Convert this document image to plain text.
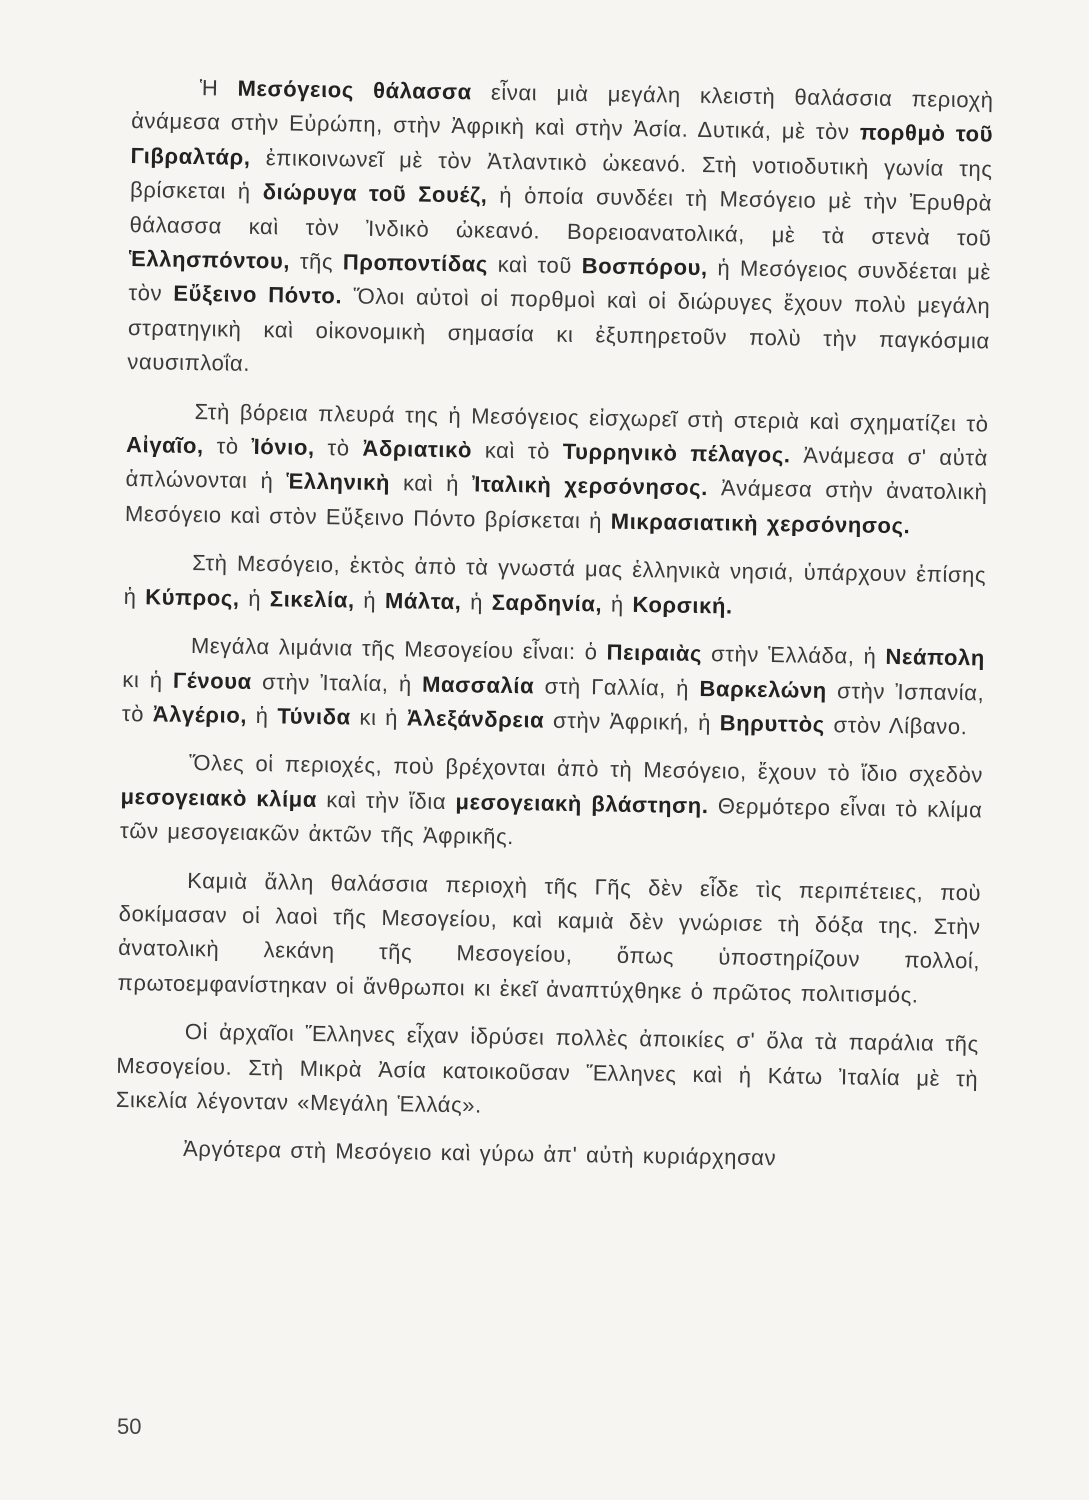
Ἡ Μεσόγειος θάλασσα εἶναι μιὰ μεγάλη κλειστὴ θαλάσσια περιοχὴ ἀνάμεσα στὴν Εὐρώπη, στὴν Ἀφρικὴ καὶ στὴν Ἀσία. Δυτικά, μὲ τὸν πορθμὸ τοῦ Γιβραλτάρ, ἐπικοινωνεῖ μὲ τὸν Ἀτλαντικὸ ὠκεανό. Στὴ νοτιοδυτικὴ γωνία της βρίσκεται ἡ διώρυγα τοῦ Σουέζ, ἡ ὁποία συνδέει τὴ Μεσόγειο μὲ τὴν Ἐρυθρὰ θάλασσα καὶ τὸν Ἰνδικὸ ὠκεανό. Βορειοανατολικά, μὲ τὰ στενὰ τοῦ Ἑλλησπόντου, τῆς Προποντίδας καὶ τοῦ Βοσπόρου, ἡ Μεσόγειος συνδέεται μὲ τὸν Εὔξεινο Πόντο. Ὅλοι αὐτοὶ οἱ πορθμοὶ καὶ οἱ διώρυγες ἔχουν πολὺ μεγάλη στρατηγικὴ καὶ οἰκονομικὴ σημασία κι ἐξυπηρετοῦν πολὺ τὴν παγκόσμια ναυσιπλοΐα.

Στὴ βόρεια πλευρά της ἡ Μεσόγειος εἰσχωρεῖ στὴ στεριὰ καὶ σχηματίζει τὸ Αἰγαῖο, τὸ Ἰόνιο, τὸ Ἀδριατικὸ καὶ τὸ Τυρρηνικὸ πέλαγος. Ἀνάμεσα σ' αὐτὰ ἁπλώνονται ἡ Ἑλληνικὴ καὶ ἡ Ἰταλικὴ χερσόνησος. Ἀνάμεσα στὴν ἀνατολικὴ Μεσόγειο καὶ στὸν Εὔξεινο Πόντο βρίσκεται ἡ Μικρασιατικὴ χερσόνησος.

Στὴ Μεσόγειο, ἐκτὸς ἀπὸ τὰ γνωστά μας ἑλληνικὰ νησιά, ὑπάρχουν ἐπίσης ἡ Κύπρος, ἡ Σικελία, ἡ Μάλτα, ἡ Σαρδηνία, ἡ Κορσική.

Μεγάλα λιμάνια τῆς Μεσογείου εἶναι: ὁ Πειραιὰς στὴν Ἑλλάδα, ἡ Νεάπολη κι ἡ Γένουα στὴν Ἰταλία, ἡ Μασσαλία στὴ Γαλλία, ἡ Βαρκελώνη στὴν Ἰσπανία, τὸ Ἀλγέριο, ἡ Τύνιδα κι ἡ Ἀλεξάνδρεια στὴν Ἀφρική, ἡ Βηρυττὸς στὸν Λίβανο.

Ὅλες οἱ περιοχές, ποὺ βρέχονται ἀπὸ τὴ Μεσόγειο, ἔχουν τὸ ἴδιο σχεδὸν μεσογειακὸ κλίμα καὶ τὴν ἴδια μεσογειακὴ βλάστηση. Θερμότερο εἶναι τὸ κλίμα τῶν μεσογειακῶν ἀκτῶν τῆς Ἀφρικῆς.

Καμιὰ ἄλλη θαλάσσια περιοχὴ τῆς Γῆς δὲν εἶδε τὶς περιπέτειες, ποὺ δοκίμασαν οἱ λαοὶ τῆς Μεσογείου, καὶ καμιὰ δὲν γνώρισε τὴ δόξα της. Στὴν ἀνατολικὴ λεκάνη τῆς Μεσογείου, ὅπως ὑποστηρίζουν πολλοί, πρωτοεμφανίστηκαν οἱ ἄνθρωποι κι ἐκεῖ ἀναπτύχθηκε ὁ πρῶτος πολιτισμός.

Οἱ ἀρχαῖοι Ἕλληνες εἶχαν ἱδρύσει πολλὲς ἀποικίες σ' ὅλα τὰ παράλια τῆς Μεσογείου. Στὴ Μικρὰ Ἀσία κατοικοῦσαν Ἕλληνες καὶ ἡ Κάτω Ἰταλία μὲ τὴ Σικελία λέγονταν «Μεγάλη Ἑλλάς».

Ἀργότερα στὴ Μεσόγειο καὶ γύρω ἀπ' αὐτὴ κυριάρχησαν

50
